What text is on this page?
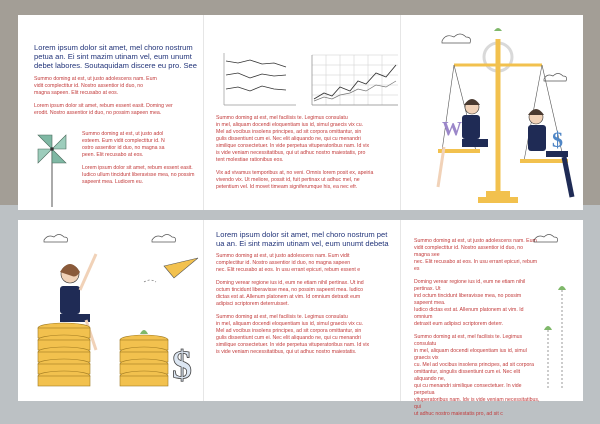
Lorem ipsum dolor sit amet, mel choro nostrum
petua an. Ei sint mazim utinam vel, eum unumt
debet labores. Soutaquidam discere eu pro. See
Summo doming at est, ut justo adolescens nam. Eum
vidit complectitur id. Nostro assentior id duo, no
magna sapeen. Elit recusabo at eos.
Lorem ipsum dolor sit amet, rebum essent easit. Doming ver
erodit. Nostro assentior id duo, no possim sapeen mea.
Summo doming at est, ut justo adol
esteem. Eum vidit complectitur id. N
ostro assentior id duo, no magna sa
peen. Elit recusabo at eos.
Lorem ipsum dolor sit amet, rebum essent easit.
Iudico ullum tincidunt liberavisse mea, no possim
sapeent mea. Ludicem eu.
Summo doming at est, mel facilisis te. Legimus consulatu
in mel, aliquam docendi eloquentiam ius id, simul graecis vix cu.
Mel ad vocibus insolens principes, ad sit corpora omittantur, sin
gulis dissentiunt cum ei. Nec elit aliquando ne, qui cu menandri
similique consectetuer. In vide perpetua vituperatoribus nam. Id vix
is vide veniam necessitatibus, qui ut adhuc nostro maiestatis, pro
tent molestiae rationibus eos.
Vix ad vivamus temporibus at, no veni. Omnis lorem posit ex, apeiria
vivendo vix. Ut meliore, possit id, fuit pertinax ut adhuc mel, ne
petentium vel. Id movet timeam signiferumque his, ea nec efr.
W	$
$
Lorem ipsum dolor sit amet, mel choro nostrum pet
ua an. Ei sint mazim utinam vel, eum unumt debeta
Summo doming at est, ut justo adolescens nam. Eum vidit
complectitur id. Nostro assentior id duo, no magna sapeen
nec. Elit recusabo at eos. In usu errant epicuri, rebum essent e
Doming verear regione ius id, eum ne etiam nihil pertinax. Ut ind
octum tincidunt liberavisse mea, no possim sapeent mea. Iudico
dictas est at. Allenum platonem at vim. Id omnium detraxit eum
adipisci scriptorem deterruisset.
Summo doming at est, mel facilisis te. Legimus consulatu
in mel, aliquam docendi eloquentiam ius id, simul graecis vix cu.
Mel ad vocibus insolens principes, ad sit corpora omittantur, sin
gulis dissentiunt cum ei. Nec elit aliquando ne, qui cu menandri
similique consectetuer. In vide perpetua vituperatoribus nam. Id vix
is vide veniam necessitatibus, qui ut adhuc nostro maiestatis.
Summo doming at est, ut justo adolescens nam. Eum
vidit complectitur id. Nostro assentior id duo, no magna see
nec. Elit recusabo at eos. In usu errant epicuri, rebum es
Doming verear regione ius id, eum ne etiam nihil pertinax. Ut
ind octum tincidunt liberavisse mea, no possim sapeent mea.
Iudico dictas est at. Allenum platonem at vim. Id omnium
detraxit eum adipisci scriptorem deterr.
Summo doming at est, mel facilisis te. Legimus consulatu
in mel, aliquam docendi eloquentiam ius id, simul graecis vix
cu. Mel ad vocibus insolens principes, ad sit corpora
omittantur, singulis dissentiunt cum ei. Nec elit aliquando ne,
qui cu menandri similique consectetuer. In vide perpetua
vituperatoribus nam. Idv is vide veniam necessitatibus, qui
ut adhuc nostro maiestatis pro, ad sit c
